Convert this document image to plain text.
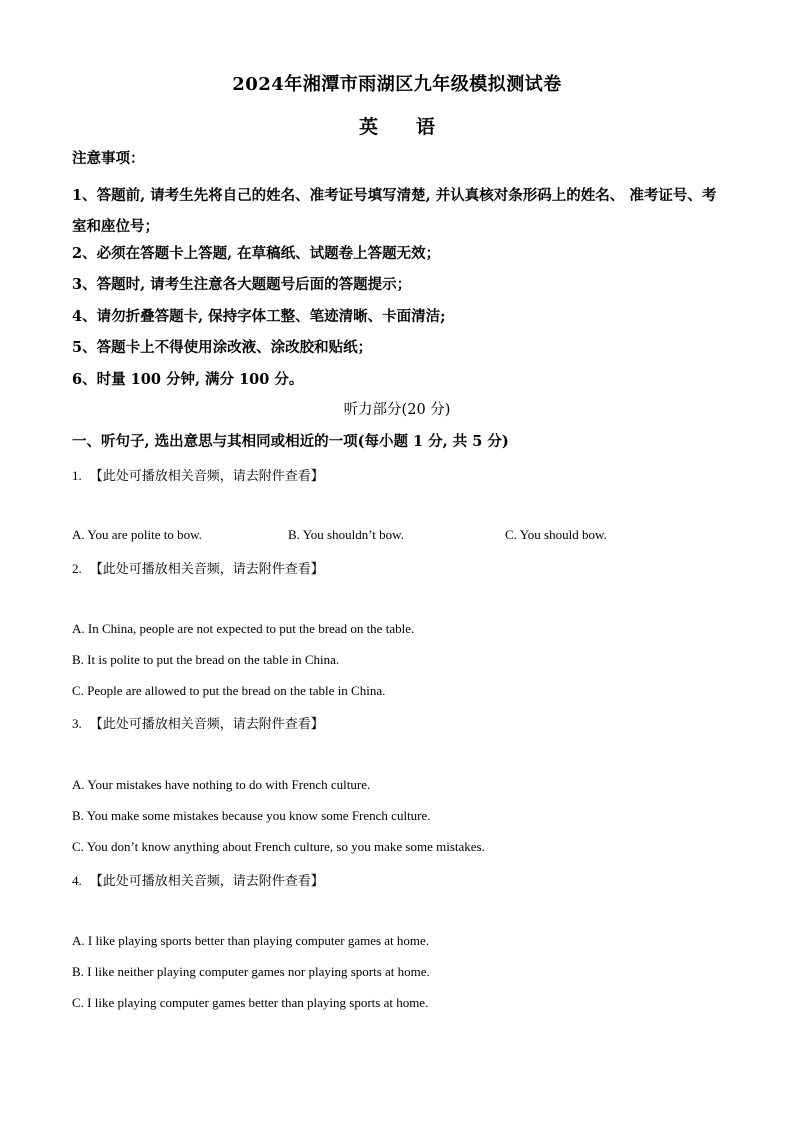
2024年湘潭市雨湖区九年级模拟测试卷
英语
注意事项：
1、答题前, 请考生先将自己的姓名、准考证号填写清楚, 并认真核对条形码上的姓名、 准考证号、考室和座位号；
2、必须在答题卡上答题, 在草稿纸、试题卷上答题无效；
3、答题时, 请考生注意各大题题号后面的答题提示；
4、请勿折叠答题卡, 保持字体工整、笔迹清晰、卡面清洁;
5、答题卡上不得使用涂改液、涂改胶和贴纸；
6、时量 100 分钟, 满分 100 分。
听力部分(20 分)
一、听句子, 选出意思与其相同或相近的一项(每小题 1 分, 共 5 分)
1. 【此处可播放相关音频，请去附件查看】
A. You are polite to bow.	B. You shouldn’t bow.	C. You should bow.
2. 【此处可播放相关音频，请去附件查看】
A. In China, people are not expected to put the bread on the table.
B. It is polite to put the bread on the table in China.
C. People are allowed to put the bread on the table in China.
3. 【此处可播放相关音频，请去附件查看】
A. Your mistakes have nothing to do with French culture.
B. You make some mistakes because you know some French culture.
C. You don’t know anything about French culture, so you make some mistakes.
4. 【此处可播放相关音频，请去附件查看】
A. I like playing sports better than playing computer games at home.
B. I like neither playing computer games nor playing sports at home.
C. I like playing computer games better than playing sports at home.
